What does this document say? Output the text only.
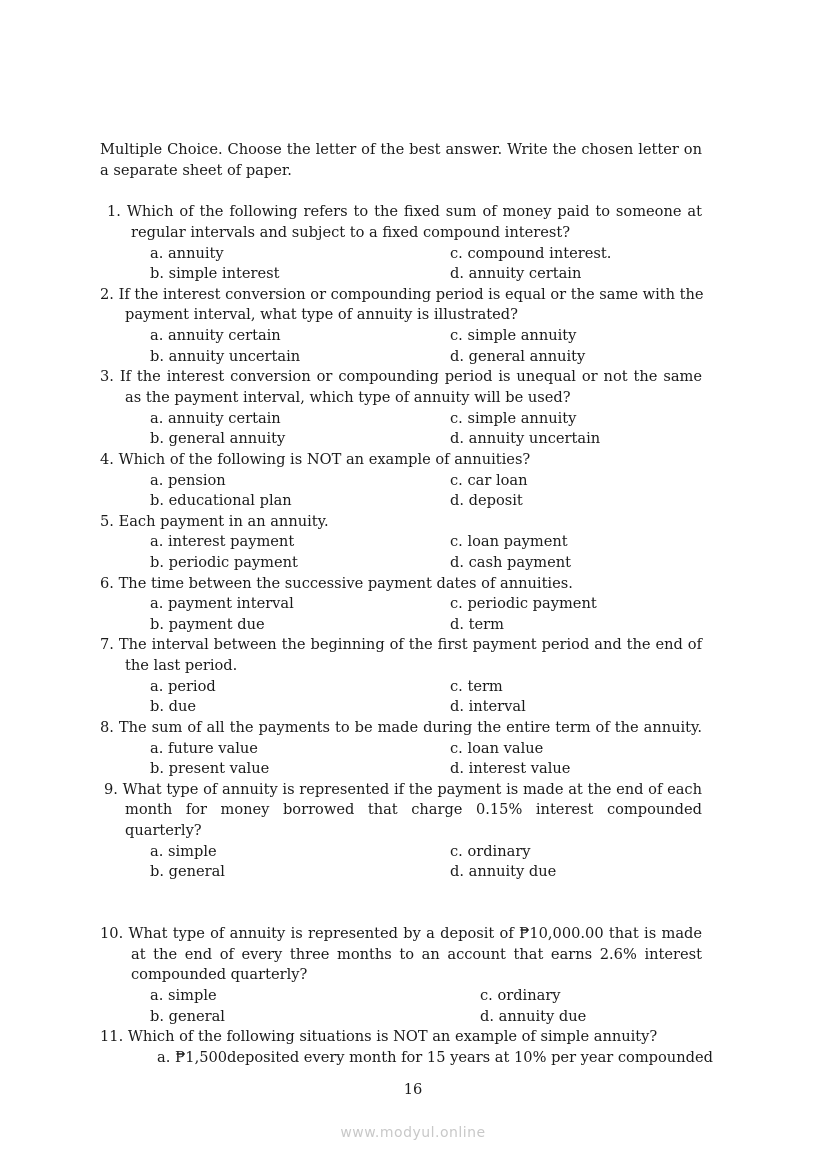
Multiple Choice. Choose the letter of the best answer. Write the chosen letter on
a separate sheet of paper.
1. Which of the following refers to the fixed sum of money paid to someone at
regular intervals and subject to a fixed compound interest?
a. annuity	c. compound interest.
b. simple interest	d. annuity certain
2. If the interest conversion or compounding period is equal or the same with the
payment interval, what type of annuity is illustrated?
a. annuity certain	c. simple annuity
b. annuity uncertain	d. general annuity
3. If the interest conversion or compounding period is unequal or not the same
as the payment interval, which type of annuity will be used?
a. annuity certain	c. simple annuity
b. general annuity	d. annuity uncertain
4. Which of the following is NOT an example of annuities?
a. pension	c. car loan
b. educational plan	d. deposit
5. Each payment in an annuity.
a. interest payment	c. loan payment
b. periodic payment	d. cash payment
6. The time between the successive payment dates of annuities.
a. payment interval	c. periodic payment
b. payment due	d. term
7. The interval between the beginning of the first payment period and the end of
the last period.
a. period	c. term
b. due	d. interval
8. The sum of all the payments to be made during the entire term of the annuity.
a. future value	c. loan value
b. present value	d. interest value
9. What type of annuity is represented if the payment is made at the end of each
month for money borrowed that charge 0.15% interest compounded
quarterly?
a. simple	c. ordinary
b. general	d. annuity due
10. What type of annuity is represented by a deposit of ₱10,000.00 that is made
at the end of every three months to an account that earns 2.6% interest
compounded quarterly?
a. simple	c. ordinary
b. general	d. annuity due
11. Which of the following situations is NOT an example of simple annuity?
a. ₱1,500deposited every month for 15 years at 10% per year compounded
16
www.modyul.online
